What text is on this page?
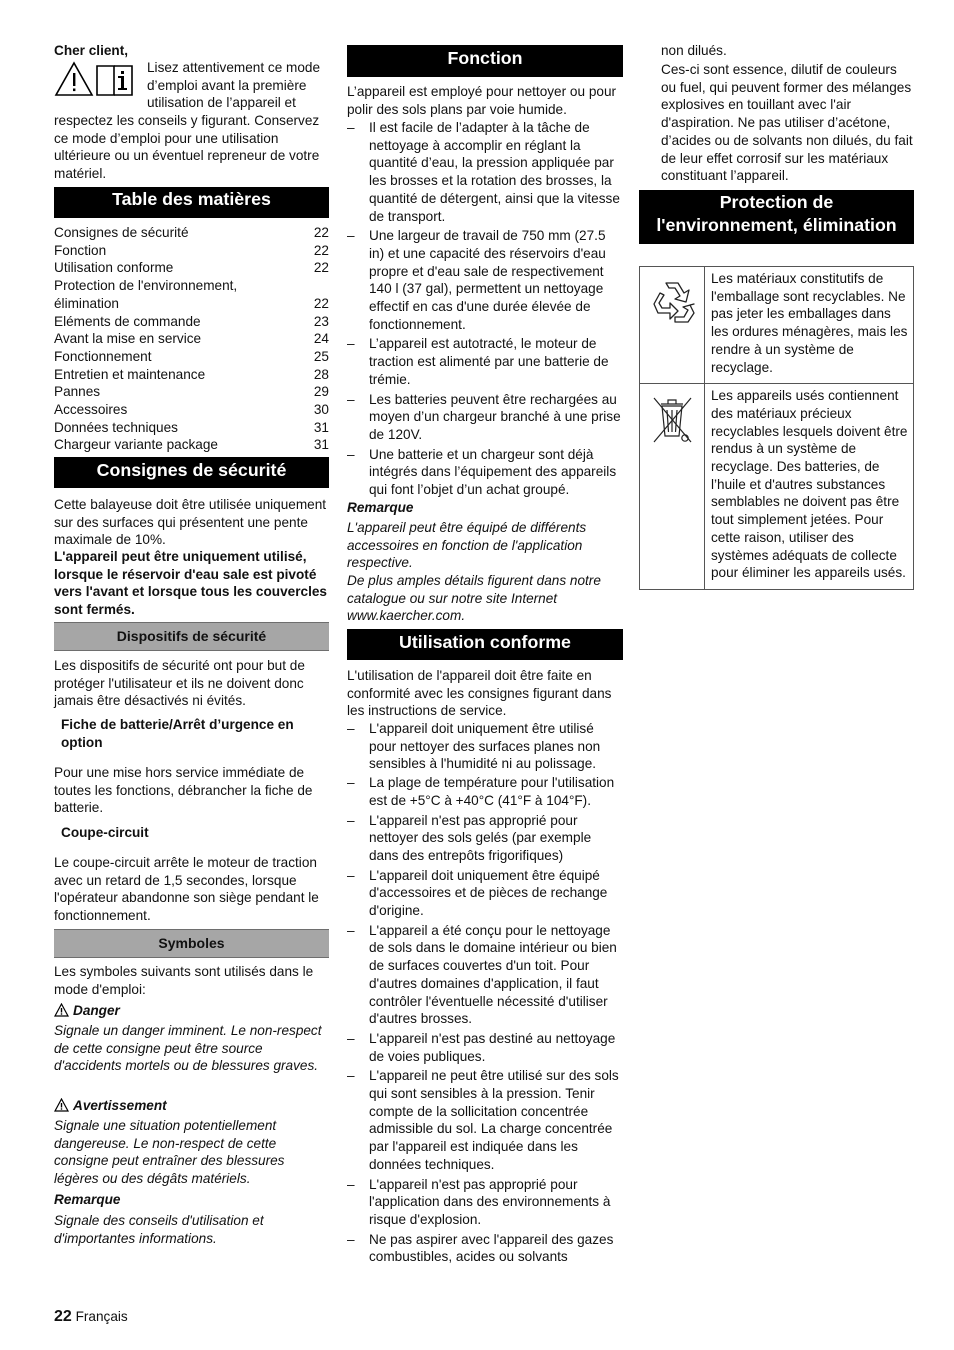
Cher client,

Lisez attentivement ce mode d’emploi avant la première utilisation de l’appareil et

respectez les conseils y figurant. Conservez ce mode d’emploi pour une utilisation ultérieure ou un éventuel repreneur de votre matériel.

Table des matières
Consignes de sécurité	22
Fonction	22
Utilisation conforme	22
Protection de l'environnement, élimination	22
Eléments de commande	23
Avant la mise en service	24
Fonctionnement	25
Entretien et maintenance	28
Pannes	29
Accessoires	30
Données techniques	31
Chargeur variante package	31
Consignes de sécurité

Cette balayeuse doit être utilisée uniquement sur des surfaces qui présentent une pente maximale de 10%.

L'appareil peut être uniquement utilisé, lorsque le réservoir d'eau sale est pivoté vers l'avant et lorsque tous les couvercles sont fermés.

Dispositifs de sécurité

Les dispositifs de sécurité ont pour but de protéger l'utilisateur et ils ne doivent donc jamais être désactivés ni évités.

Fiche de batterie/Arrêt d’urgence en option

Pour une mise hors service immédiate de toutes les fonctions, débrancher la fiche de batterie.

Coupe-circuit

Le coupe-circuit arrête le moteur de traction avec un retard de 1,5 secondes, lorsque l'opérateur abandonne son siège pendant le fonctionnement.

Symboles

Les symboles suivants sont utilisés dans le mode d'emploi:

Danger

Signale un danger imminent. Le non-respect de cette consigne peut être source d'accidents mortels ou de blessures graves.

Avertissement

Signale une situation potentiellement dangereuse. Le non-respect de cette consigne peut entraîner des blessures légères ou des dégâts matériels.

Remarque

Signale des conseils d'utilisation et d'importantes informations.

Fonction

L’appareil est employé pour nettoyer ou pour polir des sols plans par voie humide.

– Il est facile de l’adapter à la tâche de nettoyage à accomplir en réglant la quantité d’eau, la pression appliquée par les brosses et la rotation des brosses, la quantité de détergent, ainsi que la vitesse de transport.
– Une largeur de travail de 750 mm (27.5 in) et une capacité des réservoirs d'eau propre et d'eau sale de respectivement 140 l (37 gal), permettent un nettoyage effectif en cas d'une durée élevée de fonctionnement.
– L’appareil est autotracté, le moteur de traction est alimenté par une batterie de trémie.
– Les batteries peuvent être rechargées au moyen d’un chargeur branché à une prise de 120V.
– Une batterie et un chargeur sont déjà intégrés dans l’équipement des appareils qui font l’objet d’un achat groupé.

Remarque

L'appareil peut être équipé de différents accessoires en fonction de l'application respective.

De plus amples détails figurent dans notre catalogue ou sur notre site Internet www.kaercher.com.

Utilisation conforme

L'utilisation de l'appareil doit être faite en conformité avec les consignes figurant dans les instructions de service.

– L'appareil doit uniquement être utilisé pour nettoyer des surfaces planes non sensibles à l'humidité ni au polissage.
– La plage de température pour l'utilisation est de +5°C à +40°C (41°F à 104°F).
– L'appareil n'est pas approprié pour nettoyer des sols gelés (par exemple dans des entrepôts frigorifiques)
– L'appareil doit uniquement être équipé d'accessoires et de pièces de rechange d'origine.
– L'appareil a été conçu pour le nettoyage de sols dans le domaine intérieur ou bien de surfaces couvertes d'un toit. Pour d'autres domaines d'application, il faut contrôler l'éventuelle nécessité d'utiliser d'autres brosses.
– L'appareil n'est pas destiné au nettoyage de voies publiques.
– L'appareil ne peut être utilisé sur des sols qui sont sensibles à la pression. Tenir compte de la sollicitation concentrée admissible du sol. La charge concentrée par l'appareil est indiquée dans les données techniques.
– L'appareil n'est pas approprié pour l'application dans des environnements à risque d'explosion.
– Ne pas aspirer avec l'appareil des gazes combustibles, acides ou solvants

non dilués.

Ces-ci sont essence, dilutif de couleurs ou fuel, qui peuvent former des mélanges explosives en touillant avec l'air d'aspiration. Ne pas utiliser d’acétone, d’acides ou de solvants non dilués, du fait de leur effet corrosif sur les matériaux constituant l’appareil.

Protection de l'environnement, élimination
	Les matériaux constitutifs de l'emballage sont recyclables. Ne pas jeter les emballages dans les ordures ménagères, mais les rendre à un système de recyclage.
	Les appareils usés contiennent des matériaux précieux recyclables lesquels doivent être rendus à un système de recyclage. Des batteries, de l’huile et d'autres substances semblables ne doivent pas être tout simplement jetées. Pour cette raison, utiliser des systèmes adéquats de collecte pour éliminer les appareils usés.
22 Français
